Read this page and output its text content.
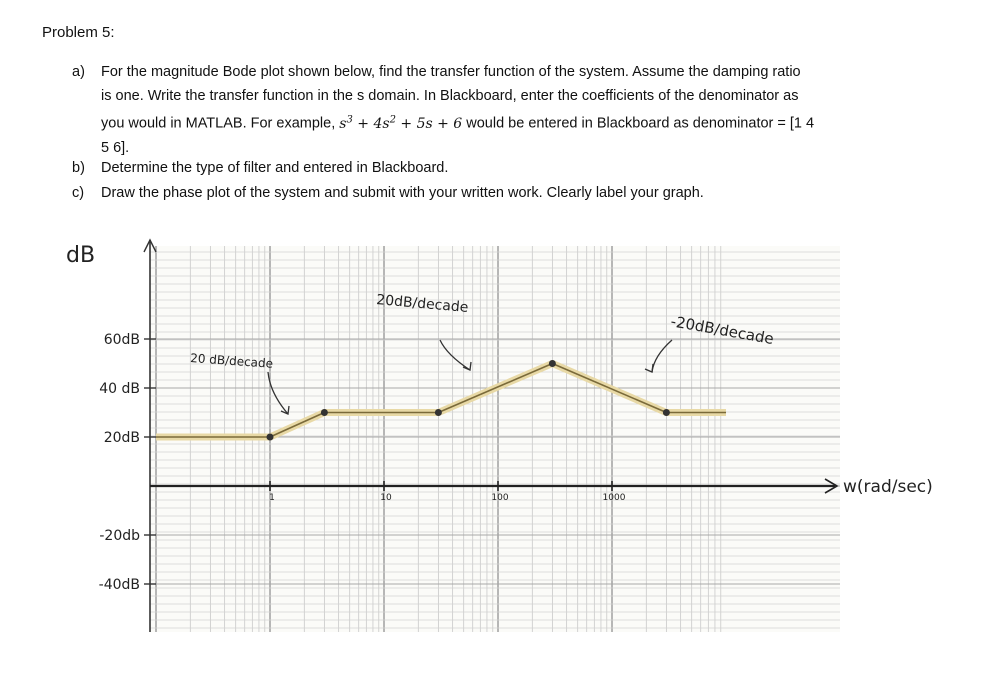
Problem 5:
a) For the magnitude Bode plot shown below, find the transfer function of the system. Assume the damping ratio
is one. Write the transfer function in the s domain. In Blackboard, enter the coefficients of the denominator as
you would in MATLAB. For example, $s^3 + 4s^2 + 5s + 6$ would be entered in Blackboard as denominator = [1 4
5 6].
b) Determine the type of filter and entered in Blackboard.
c) Draw the phase plot of the system and submit with your written work. Clearly label your graph.
60dB
40 dB
20dB
-20db
-40dB
1	10	100	1000
dB
w(rad/sec)
20 dB/decade
20dB/decade
-20dB/decade
